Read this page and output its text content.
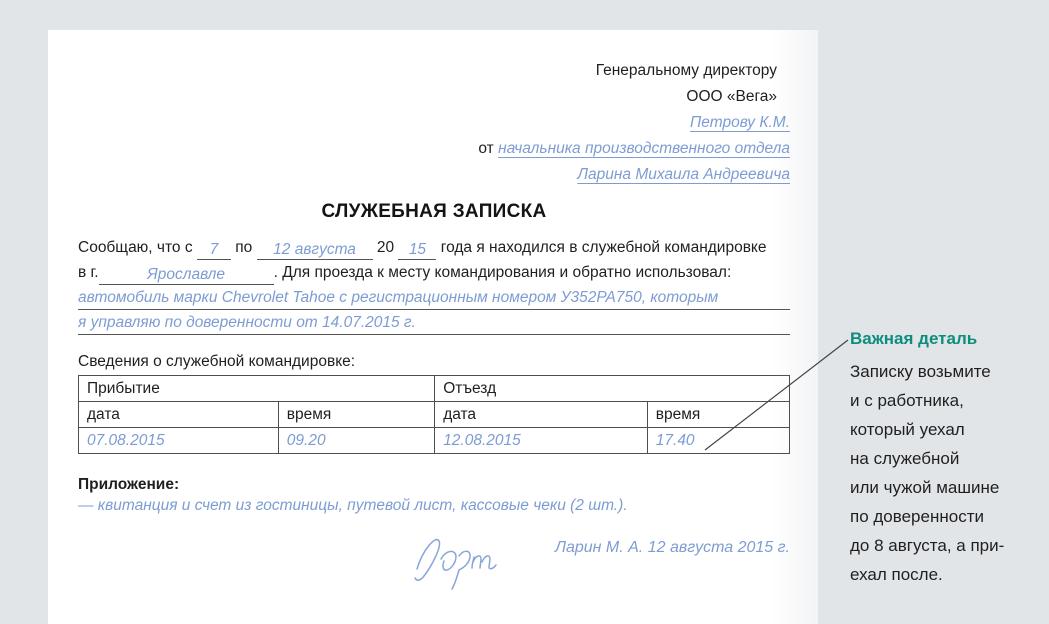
Генеральному директору
ООО «Вега»
Петрову К.М.
от начальника производственного отдела
Ларина Михаила Андреевича
СЛУЖЕБНАЯ ЗАПИСКА
Сообщаю, что с 7 по 12 августа 20 15 года я находился в служебной командировке
в г.	Ярославле	. Для проезда к месту командирования и обратно использовал:
автомобиль марки Chevrolet Tahoe с регистрационным номером У352РА750, которым
я управляю по доверенности от 14.07.2015 г.
Сведения о служебной командировке:
Прибытие		Отъезд	
дата	время	дата	время
07.08.2015	09.20	12.08.2015	17.40
Приложение:
— квитанция и счет из гостиницы, путевой лист, кассовые чеки (2 шт.).
Ларин М. А. 12 августа 2015 г.
Важная деталь
Записку возьмите
и с работника,
который уехал
на служебной
или чужой машине
по доверенности
до 8 августа, а при-
ехал после.
